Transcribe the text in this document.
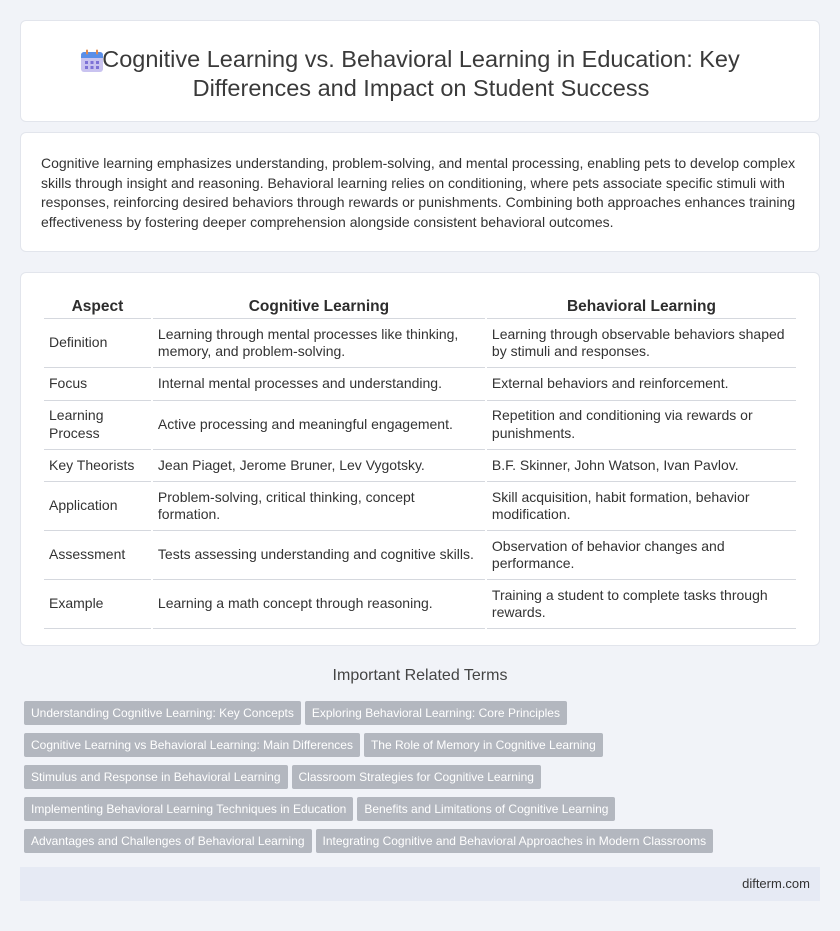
Cognitive Learning vs. Behavioral Learning in Education: Key Differences and Impact on Student Success

Cognitive learning emphasizes understanding, problem-solving, and mental processing, enabling pets to develop complex skills through insight and reasoning. Behavioral learning relies on conditioning, where pets associate specific stimuli with responses, reinforcing desired behaviors through rewards or punishments. Combining both approaches enhances training effectiveness by fostering deeper comprehension alongside consistent behavioral outcomes.

Aspect	Cognitive Learning	Behavioral Learning
Definition	Learning through mental processes like thinking, memory, and problem-solving.	Learning through observable behaviors shaped by stimuli and responses.
Focus	Internal mental processes and understanding.	External behaviors and reinforcement.
Learning Process	Active processing and meaningful engagement.	Repetition and conditioning via rewards or punishments.
Key Theorists	Jean Piaget, Jerome Bruner, Lev Vygotsky.	B.F. Skinner, John Watson, Ivan Pavlov.
Application	Problem-solving, critical thinking, concept formation.	Skill acquisition, habit formation, behavior modification.
Assessment	Tests assessing understanding and cognitive skills.	Observation of behavior changes and performance.
Example	Learning a math concept through reasoning.	Training a student to complete tasks through rewards.
Important Related Terms
Understanding Cognitive Learning: Key Concepts Exploring Behavioral Learning: Core Principles
Cognitive Learning vs Behavioral Learning: Main Differences The Role of Memory in Cognitive Learning
Stimulus and Response in Behavioral Learning Classroom Strategies for Cognitive Learning
Implementing Behavioral Learning Techniques in Education Benefits and Limitations of Cognitive Learning
Advantages and Challenges of Behavioral Learning Integrating Cognitive and Behavioral Approaches in Modern Classrooms
difterm.com
